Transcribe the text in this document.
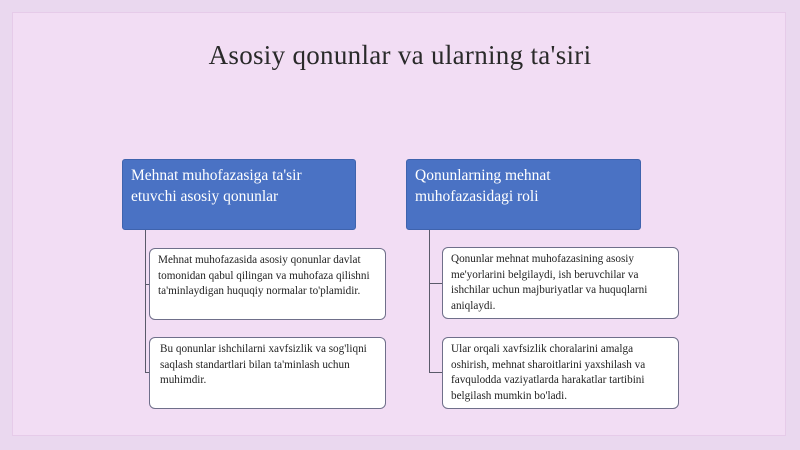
Asosiy qonunlar va ularning ta'siri
Mehnat muhofazasiga ta'sir etuvchi asosiy qonunlar
Mehnat muhofazasida asosiy qonunlar davlat tomonidan qabul qilingan va muhofaza qilishni ta'minlaydigan huquqiy normalar to'plamidir.
Bu qonunlar ishchilarni xavfsizlik va sog'liqni saqlash standartlari bilan ta'minlash uchun muhimdir.
Qonunlarning mehnat muhofazasidagi roli
Qonunlar mehnat muhofazasining asosiy me'yorlarini belgilaydi, ish beruvchilar va ishchilar uchun majburiyatlar va huquqlarni aniqlaydi.
Ular orqali xavfsizlik choralarini amalga oshirish, mehnat sharoitlarini yaxshilash va favqulodda vaziyatlarda harakatlar tartibini belgilash mumkin bo'ladi.
